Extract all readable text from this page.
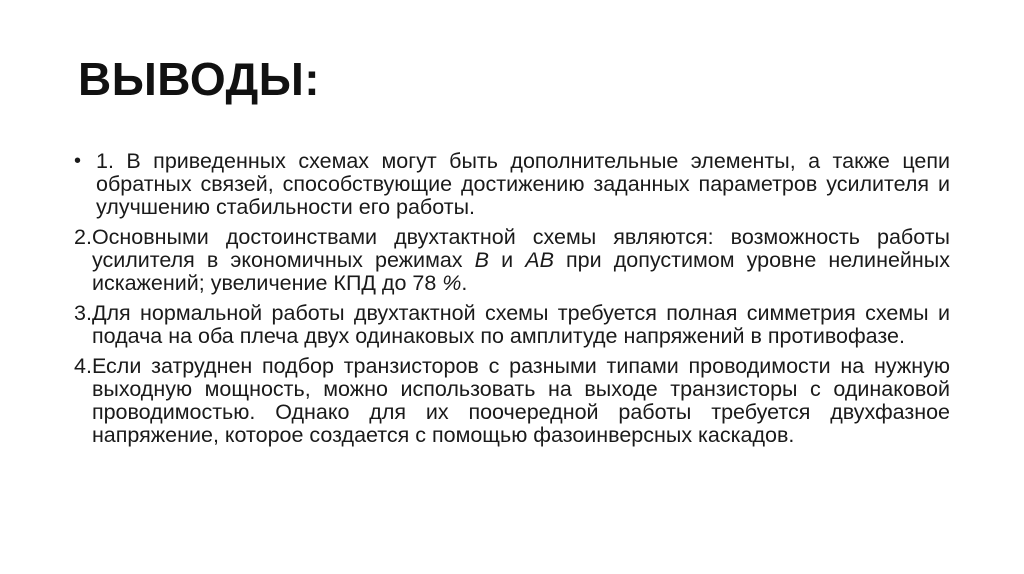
ВЫВОДЫ:
• 1. В приведенных схемах могут быть дополнительные элементы, а также цепи обратных связей, способствующие достижению заданных параметров усилителя и улучшению стабильности его работы.
2. Основными достоинствами двухтактной схемы являются: возможность работы усилителя в экономичных режимах B и AB при допустимом уровне нелинейных искажений; увеличение КПД до 78 %.
3. Для нормальной работы двухтактной схемы требуется полная симметрия схемы и подача на оба плеча двух одинаковых по амплитуде напряжений в противофазе.
4. Если затруднен подбор транзисторов с разными типами проводимости на нужную выходную мощность, можно использовать на выходе транзисторы с одинаковой проводимостью. Однако для их поочередной работы требуется двухфазное напряжение, которое создается с помощью фазоинверсных каскадов.
